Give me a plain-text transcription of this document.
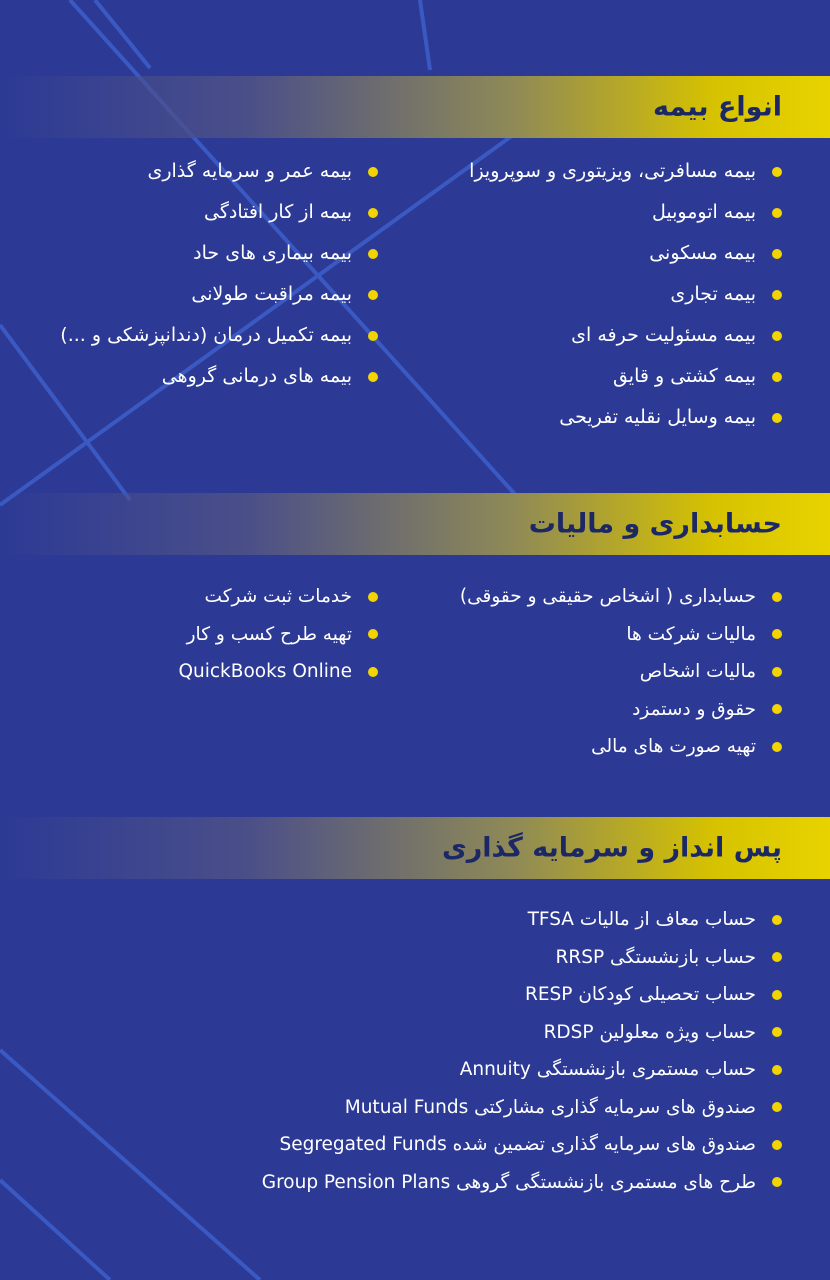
انواع بیمه
بیمه مسافرتی، ویزیتوری و سوپرویزا
بیمه اتوموبیل
بیمه مسکونی
بیمه تجاری
بیمه مسئولیت حرفه ای
بیمه کشتی و قایق
بیمه وسایل نقلیه تفریحی
بیمه عمر و سرمایه گذاری
بیمه از کار افتادگی
بیمه بیماری های حاد
بیمه مراقبت طولانی
بیمه تکمیل درمان (دندانپزشکی و ...)
بیمه های درمانی گروهی
حسابداری و مالیات
حسابداری ( اشخاص حقیقی و حقوقی)
مالیات شرکت ها
مالیات اشخاص
حقوق و دستمزد
تهیه صورت های مالی
خدمات ثبت شرکت
تهیه طرح کسب و کار
QuickBooks Online
پس انداز و سرمایه گذاری
حساب معاف از مالیات TFSA
حساب بازنشستگی RRSP
حساب تحصیلی کودکان RESP
حساب ویژه معلولین RDSP
حساب مستمری بازنشستگی Annuity
صندوق های سرمایه گذاری مشارکتی Mutual Funds
صندوق های سرمایه گذاری تضمین شده Segregated Funds
طرح های مستمری بازنشستگی گروهی Group Pension Plans
